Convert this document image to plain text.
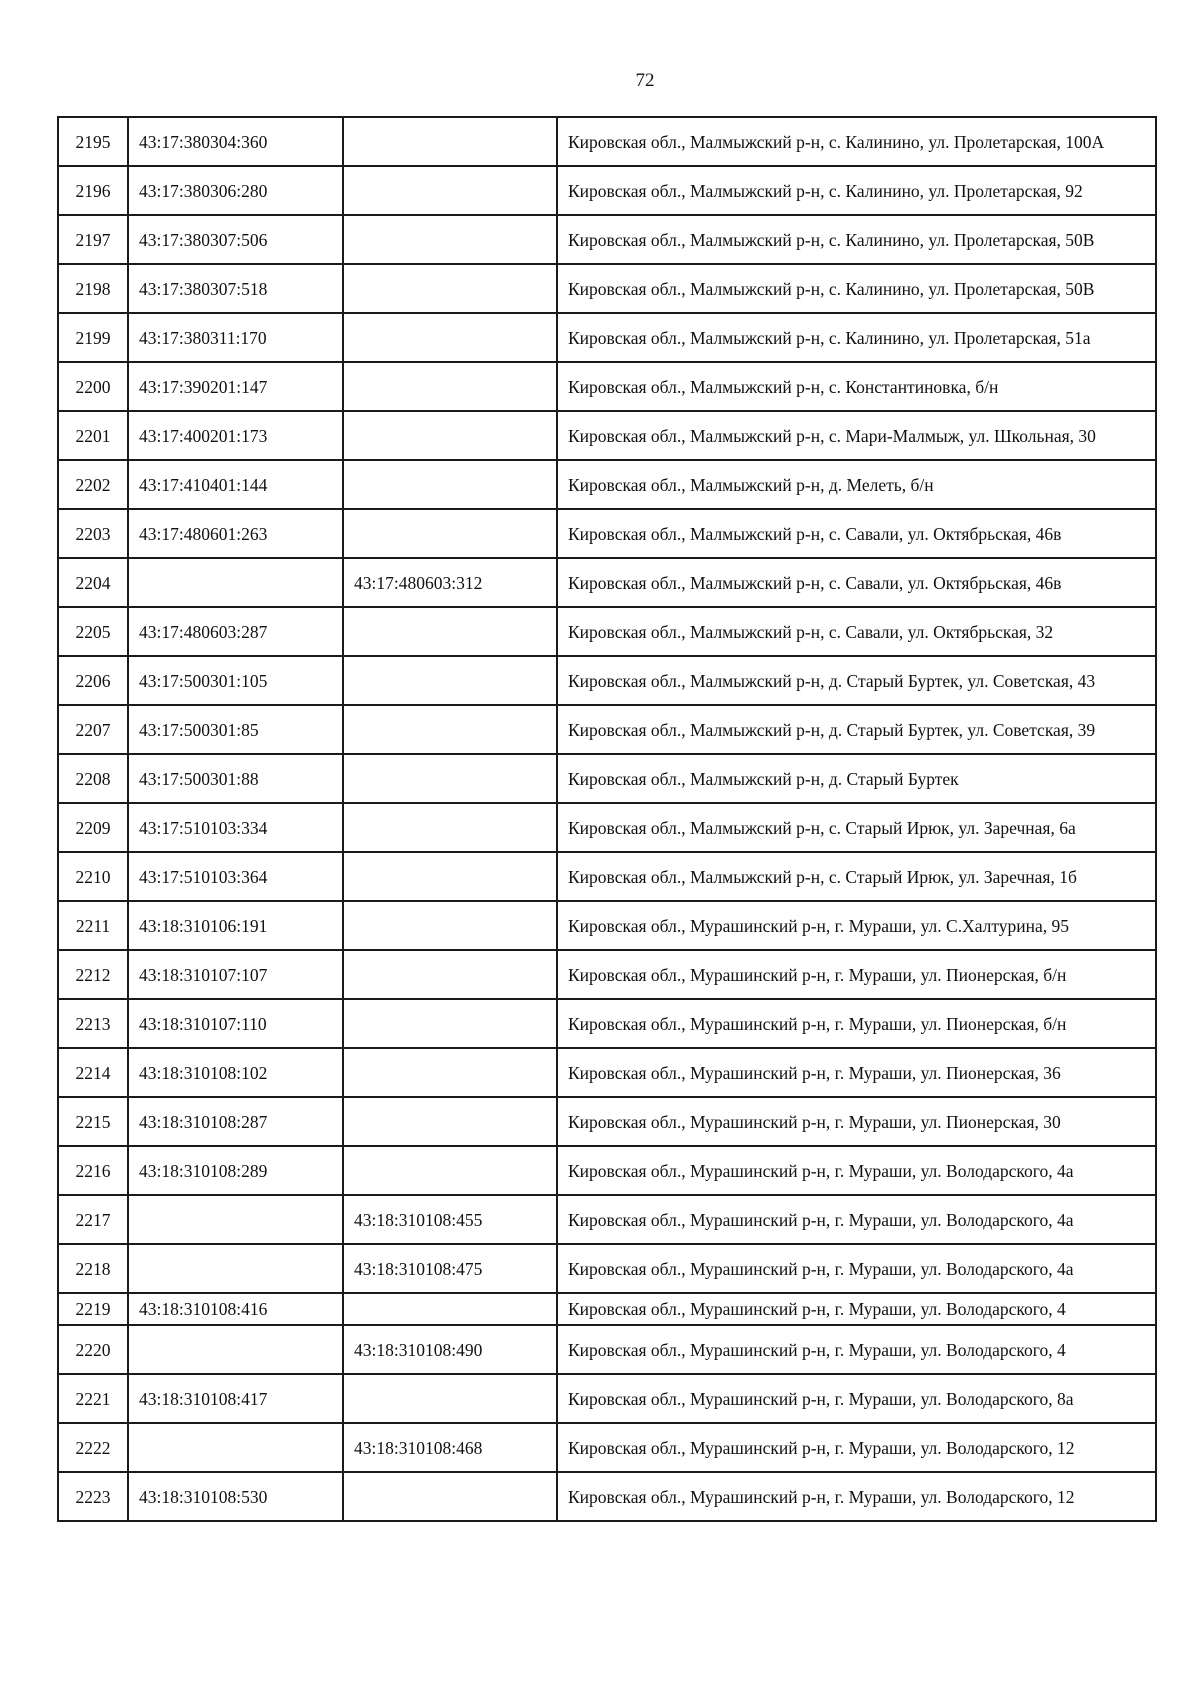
72
2195	43:17:380304:360		Кировская обл., Малмыжский р-н, с. Калинино, ул. Пролетарская, 100А
2196	43:17:380306:280		Кировская обл., Малмыжский р-н, с. Калинино, ул. Пролетарская, 92
2197	43:17:380307:506		Кировская обл., Малмыжский р-н, с. Калинино, ул. Пролетарская, 50В
2198	43:17:380307:518		Кировская обл., Малмыжский р-н, с. Калинино, ул. Пролетарская, 50В
2199	43:17:380311:170		Кировская обл., Малмыжский р-н, с. Калинино, ул. Пролетарская, 51а
2200	43:17:390201:147		Кировская обл., Малмыжский р-н, с. Константиновка, б/н
2201	43:17:400201:173		Кировская обл., Малмыжский р-н, с. Мари-Малмыж, ул. Школьная, 30
2202	43:17:410401:144		Кировская обл., Малмыжский р-н, д. Мелеть, б/н
2203	43:17:480601:263		Кировская обл., Малмыжский р-н, с. Савали, ул. Октябрьская, 46в
2204		43:17:480603:312	Кировская обл., Малмыжский р-н, с. Савали, ул. Октябрьская, 46в
2205	43:17:480603:287		Кировская обл., Малмыжский р-н, с. Савали, ул. Октябрьская, 32
2206	43:17:500301:105		Кировская обл., Малмыжский р-н, д. Старый Буртек, ул. Советская, 43
2207	43:17:500301:85		Кировская обл., Малмыжский р-н, д. Старый Буртек, ул. Советская, 39
2208	43:17:500301:88		Кировская обл., Малмыжский р-н, д. Старый Буртек
2209	43:17:510103:334		Кировская обл., Малмыжский р-н, с. Старый Ирюк, ул. Заречная, 6а
2210	43:17:510103:364		Кировская обл., Малмыжский р-н, с. Старый Ирюк, ул. Заречная, 1б
2211	43:18:310106:191		Кировская обл., Мурашинский р-н, г. Мураши, ул. С.Халтурина, 95
2212	43:18:310107:107		Кировская обл., Мурашинский р-н, г. Мураши, ул. Пионерская, б/н
2213	43:18:310107:110		Кировская обл., Мурашинский р-н, г. Мураши, ул. Пионерская, б/н
2214	43:18:310108:102		Кировская обл., Мурашинский р-н, г. Мураши, ул. Пионерская, 36
2215	43:18:310108:287		Кировская обл., Мурашинский р-н, г. Мураши, ул. Пионерская, 30
2216	43:18:310108:289		Кировская обл., Мурашинский р-н, г. Мураши, ул. Володарского, 4а
2217		43:18:310108:455	Кировская обл., Мурашинский р-н, г. Мураши, ул. Володарского, 4а
2218		43:18:310108:475	Кировская обл., Мурашинский р-н, г. Мураши, ул. Володарского, 4а
2219	43:18:310108:416		Кировская обл., Мурашинский р-н, г. Мураши, ул. Володарского, 4
2220		43:18:310108:490	Кировская обл., Мурашинский р-н, г. Мураши, ул. Володарского, 4
2221	43:18:310108:417		Кировская обл., Мурашинский р-н, г. Мураши, ул. Володарского, 8а
2222		43:18:310108:468	Кировская обл., Мурашинский р-н, г. Мураши, ул. Володарского, 12
2223	43:18:310108:530		Кировская обл., Мурашинский р-н, г. Мураши, ул. Володарского, 12
